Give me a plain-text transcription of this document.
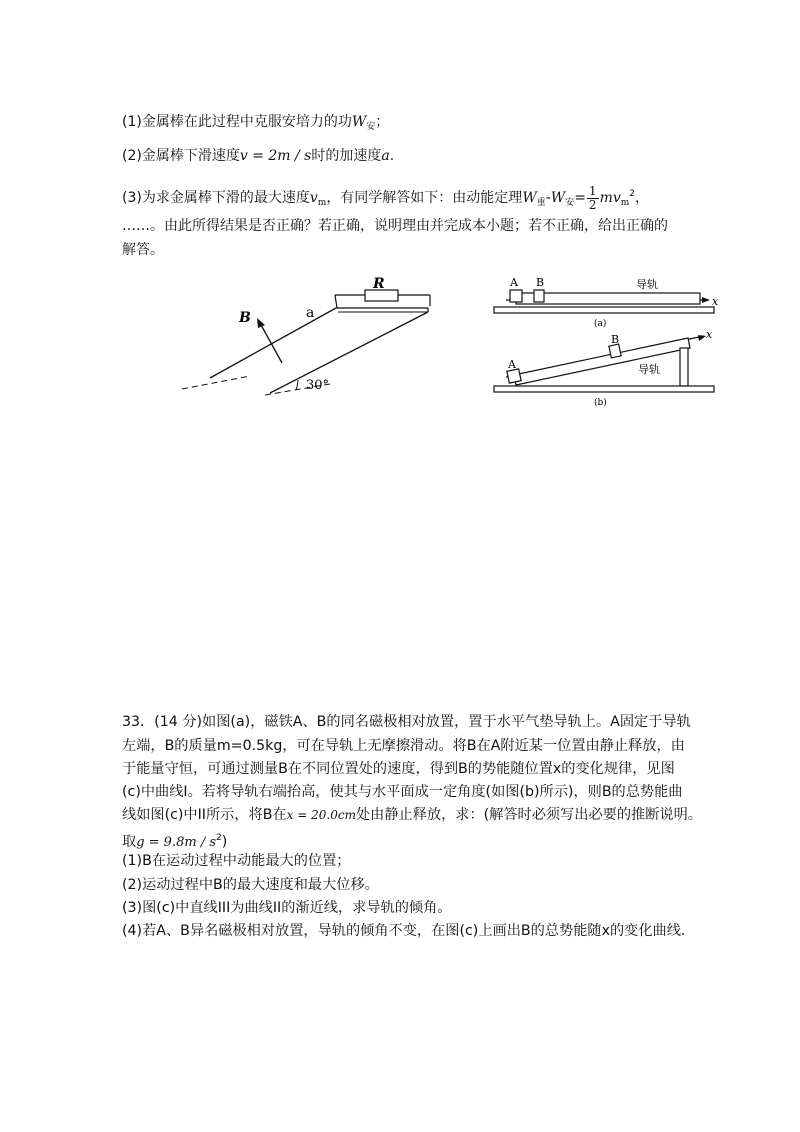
(1)金属棒在此过程中克服安培力的功$W_安$；
(2)金属棒下滑速度v = 2m / s时的加速度a.
(3)为求金属棒下滑的最大速度$v_m$，有同学解答如下：由动能定理$W_重-W_安= \frac{1}{2} mv_m^2$，
……。由此所得结果是否正确？若正确，说明理由并完成本小题；若不正确，给出正确的
解答。
R
a
B
30°
A B	导轨
x
(a)
A
B
导轨
x
(b)
33．(14 分)如图(a)，磁铁A、B的同名磁极相对放置，置于水平气垫导轨上。A固定于导轨
左端，B的质量m=0.5kg，可在导轨上无摩擦滑动。将B在A附近某一位置由静止释放，由
于能量守恒，可通过测量B在不同位置处的速度，得到B的势能随位置x的变化规律，见图
(c)中曲线I。若将导轨右端抬高，使其与水平面成一定角度(如图(b)所示)，则B的总势能曲
线如图(c)中II所示，将B在x = 20.0cm处由静止释放，求：(解答时必须写出必要的推断说明。
取$g = 9.8m / s^2$)
(1)B在运动过程中动能最大的位置；
(2)运动过程中B的最大速度和最大位移。
(3)图(c)中直线III为曲线II的渐近线，求导轨的倾角。
(4)若A、B异名磁极相对放置，导轨的倾角不变，在图(c)上画出B的总势能随x的变化曲线.
